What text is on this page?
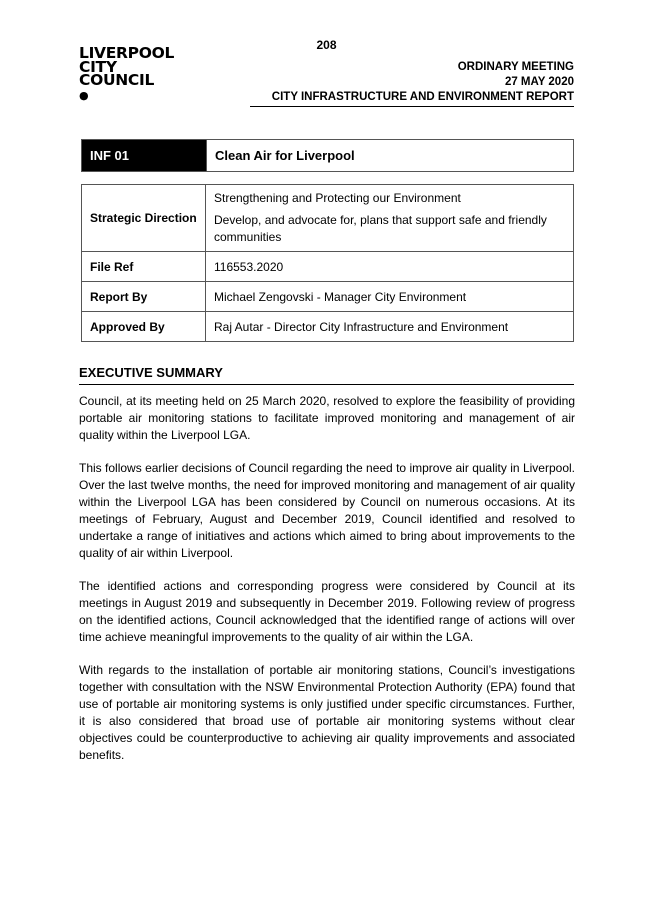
208
LIVERPOOL
CITY
COUNCIL
●
ORDINARY MEETING
27 MAY 2020
CITY INFRASTRUCTURE AND ENVIRONMENT REPORT
INF 01	Clean Air for Liverpool
Strategic Direction	Strengthening and Protecting our Environment

Develop, and advocate for, plans that support safe and friendly communities

File Ref	116553.2020
Report By	Michael Zengovski - Manager City Environment
Approved By	Raj Autar - Director City Infrastructure and Environment
EXECUTIVE SUMMARY

Council, at its meeting held on 25 March 2020, resolved to explore the feasibility of providing portable air monitoring stations to facilitate improved monitoring and management of air quality within the Liverpool LGA.

This follows earlier decisions of Council regarding the need to improve air quality in Liverpool. Over the last twelve months, the need for improved monitoring and management of air quality within the Liverpool LGA has been considered by Council on numerous occasions. At its meetings of February, August and December 2019, Council identified and resolved to undertake a range of initiatives and actions which aimed to bring about improvements to the quality of air within Liverpool.

The identified actions and corresponding progress were considered by Council at its meetings in August 2019 and subsequently in December 2019. Following review of progress on the identified actions, Council acknowledged that the identified range of actions will over time achieve meaningful improvements to the quality of air within the LGA.

With regards to the installation of portable air monitoring stations, Council’s investigations together with consultation with the NSW Environmental Protection Authority (EPA) found that use of portable air monitoring systems is only justified under specific circumstances. Further, it is also considered that broad use of portable air monitoring systems without clear objectives could be counterproductive to achieving air quality improvements and associated benefits.
